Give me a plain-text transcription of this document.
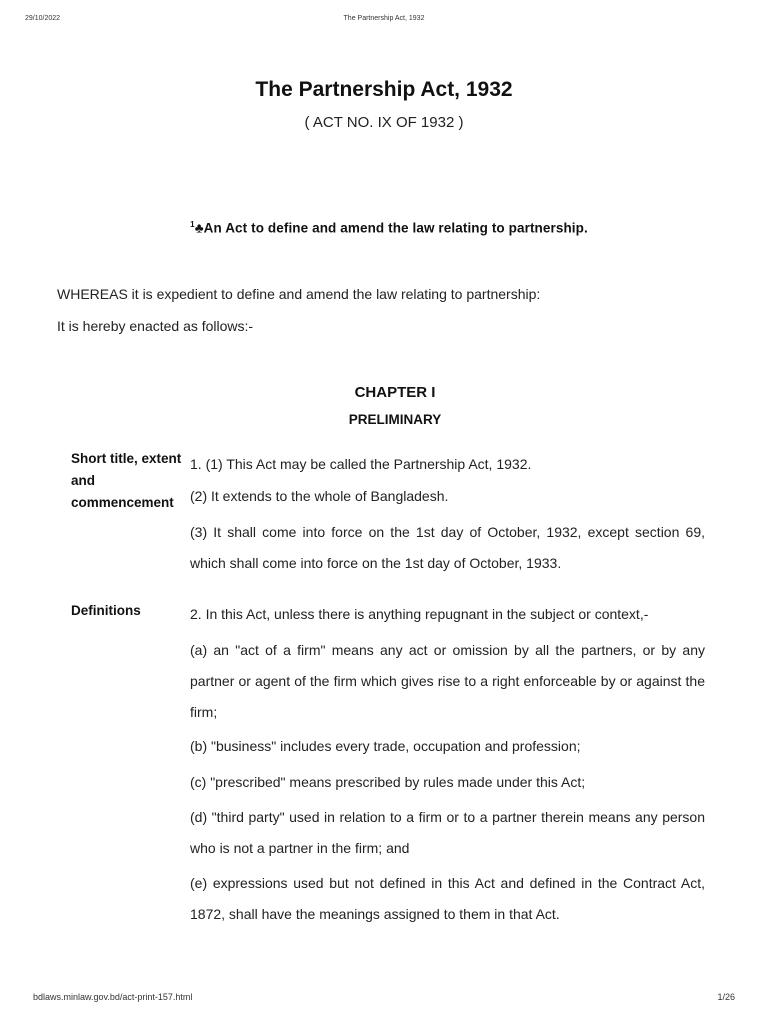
29/10/2022	The Partnership Act, 1932
The Partnership Act, 1932
( ACT NO. IX OF 1932 )
$^1$♣An Act to define and amend the law relating to partnership.
WHEREAS it is expedient to define and amend the law relating to partnership:
It is hereby enacted as follows:-
CHAPTER I
PRELIMINARY
Short title, extent and commencement

1. (1) This Act may be called the Partnership Act, 1932.

(2) It extends to the whole of Bangladesh.

(3) It shall come into force on the 1st day of October, 1932, except section 69, which shall come into force on the 1st day of October, 1933.

Definitions	2. In this Act, unless there is anything repugnant in the subject or context,-

(a) an "act of a firm" means any act or omission by all the partners, or by any partner or agent of the firm which gives rise to a right enforceable by or against the firm;

(b) "business" includes every trade, occupation and profession;

(c) "prescribed" means prescribed by rules made under this Act;

(d) "third party" used in relation to a firm or to a partner therein means any person who is not a partner in the firm; and

(e) expressions used but not defined in this Act and defined in the Contract Act, 1872, shall have the meanings assigned to them in that Act.

bdlaws.minlaw.gov.bd/act-print-157.html	1/26
